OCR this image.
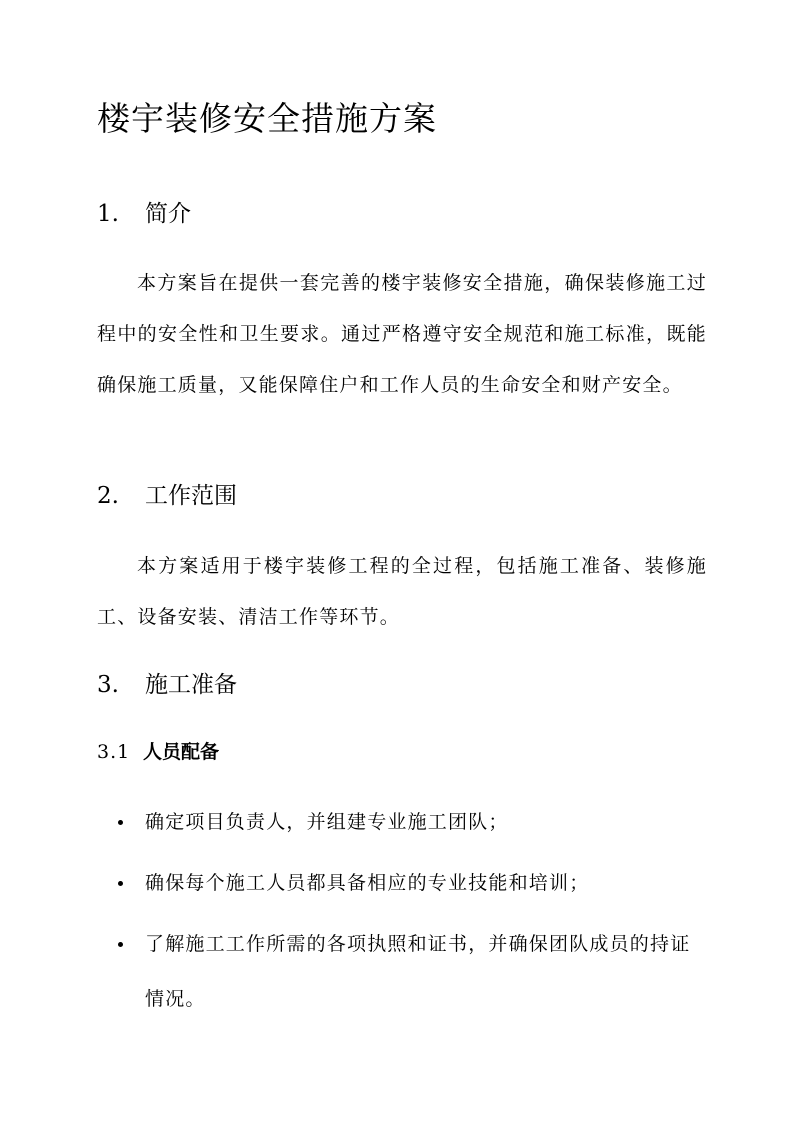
楼宇装修安全措施方案
1. 简介

本方案旨在提供一套完善的楼宇装修安全措施，确保装修施工过程中的安全性和卫生要求。通过严格遵守安全规范和施工标准，既能确保施工质量，又能保障住户和工作人员的生命安全和财产安全。

2. 工作范围

本方案适用于楼宇装修工程的全过程，包括施工准备、装修施工、设备安装、清洁工作等环节。

3. 施工准备
3.1 人员配备
确定项目负责人，并组建专业施工团队；
确保每个施工人员都具备相应的专业技能和培训；
了解施工工作所需的各项执照和证书，并确保团队成员的持证情况。
